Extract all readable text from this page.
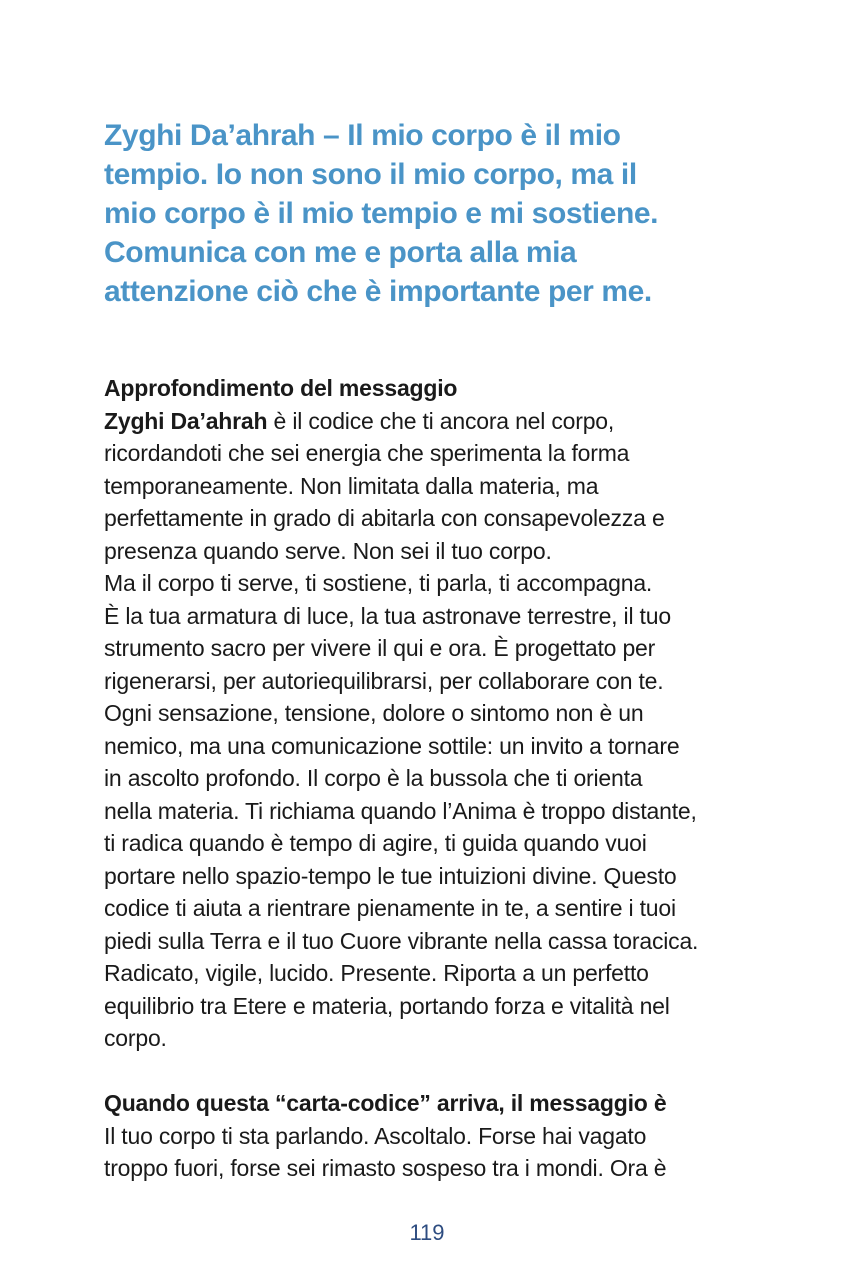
Zyghi Da’ahrah – Il mio corpo è il mio
tempio. Io non sono il mio corpo, ma il
mio corpo è il mio tempio e mi sostiene.
Comunica con me e porta alla mia
attenzione ciò che è importante per me.
Approfondimento del messaggio
Zyghi Da’ahrah è il codice che ti ancora nel corpo,
ricordandoti che sei energia che sperimenta la forma
temporaneamente. Non limitata dalla materia, ma
perfettamente in grado di abitarla con consapevolezza e
presenza quando serve. Non sei il tuo corpo.
Ma il corpo ti serve, ti sostiene, ti parla, ti accompagna.
È la tua armatura di luce, la tua astronave terrestre, il tuo
strumento sacro per vivere il qui e ora. È progettato per
rigenerarsi, per autoriequilibrarsi, per collaborare con te.
Ogni sensazione, tensione, dolore o sintomo non è un
nemico, ma una comunicazione sottile: un invito a tornare
in ascolto profondo. Il corpo è la bussola che ti orienta
nella materia. Ti richiama quando l’Anima è troppo distante,
ti radica quando è tempo di agire, ti guida quando vuoi
portare nello spazio-tempo le tue intuizioni divine. Questo
codice ti aiuta a rientrare pienamente in te, a sentire i tuoi
piedi sulla Terra e il tuo Cuore vibrante nella cassa toracica.
Radicato, vigile, lucido. Presente. Riporta a un perfetto
equilibrio tra Etere e materia, portando forza e vitalità nel
corpo.
Quando questa “carta-codice” arriva, il messaggio è
Il tuo corpo ti sta parlando. Ascoltalo. Forse hai vagato
troppo fuori, forse sei rimasto sospeso tra i mondi. Ora è
119
